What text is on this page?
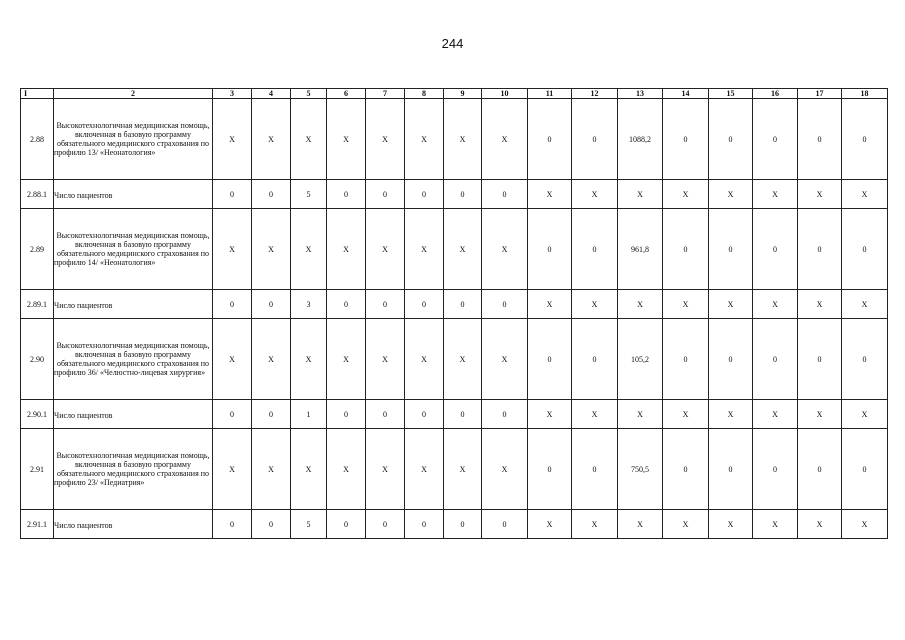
244
I	2	3	4	5	6	7	8	9	10	11	12	13	14	15	16	17	18
2.88	Высокотехнологичная медицинская помощь, включенная в базовую программу обязательного медицинского страхования по профилю 13/ «Неонатология»	X	X	X	X	X	X	X	X	0	0	1088,2	0	0	0	0	0
2.88.1	Число пациентов	0	0	5	0	0	0	0	0	X	X	X	X	X	X	X	X
2.89	Высокотехнологичная медицинская помощь, включенная в базовую программу обязательного медицинского страхования по профилю 14/ «Неонатология»	X	X	X	X	X	X	X	X	0	0	961,8	0	0	0	0	0
2.89.1	Число пациентов	0	0	3	0	0	0	0	0	X	X	X	X	X	X	X	X
2.90	Высокотехнологичная медицинская помощь, включенная в базовую программу обязательного медицинского страхования по профилю 36/ «Челюстно-лицевая хирургия»	X	X	X	X	X	X	X	X	0	0	105,2	0	0	0	0	0
2.90.1	Число пациентов	0	0	1	0	0	0	0	0	X	X	X	X	X	X	X	X
2.91	Высокотехнологичная медицинская помощь, включенная в базовую программу обязательного медицинского страхования по профилю 23/ «Педиатрия»	X	X	X	X	X	X	X	X	0	0	750,5	0	0	0	0	0
2.91.1	Число пациентов	0	0	5	0	0	0	0	0	X	X	X	X	X	X	X	X
